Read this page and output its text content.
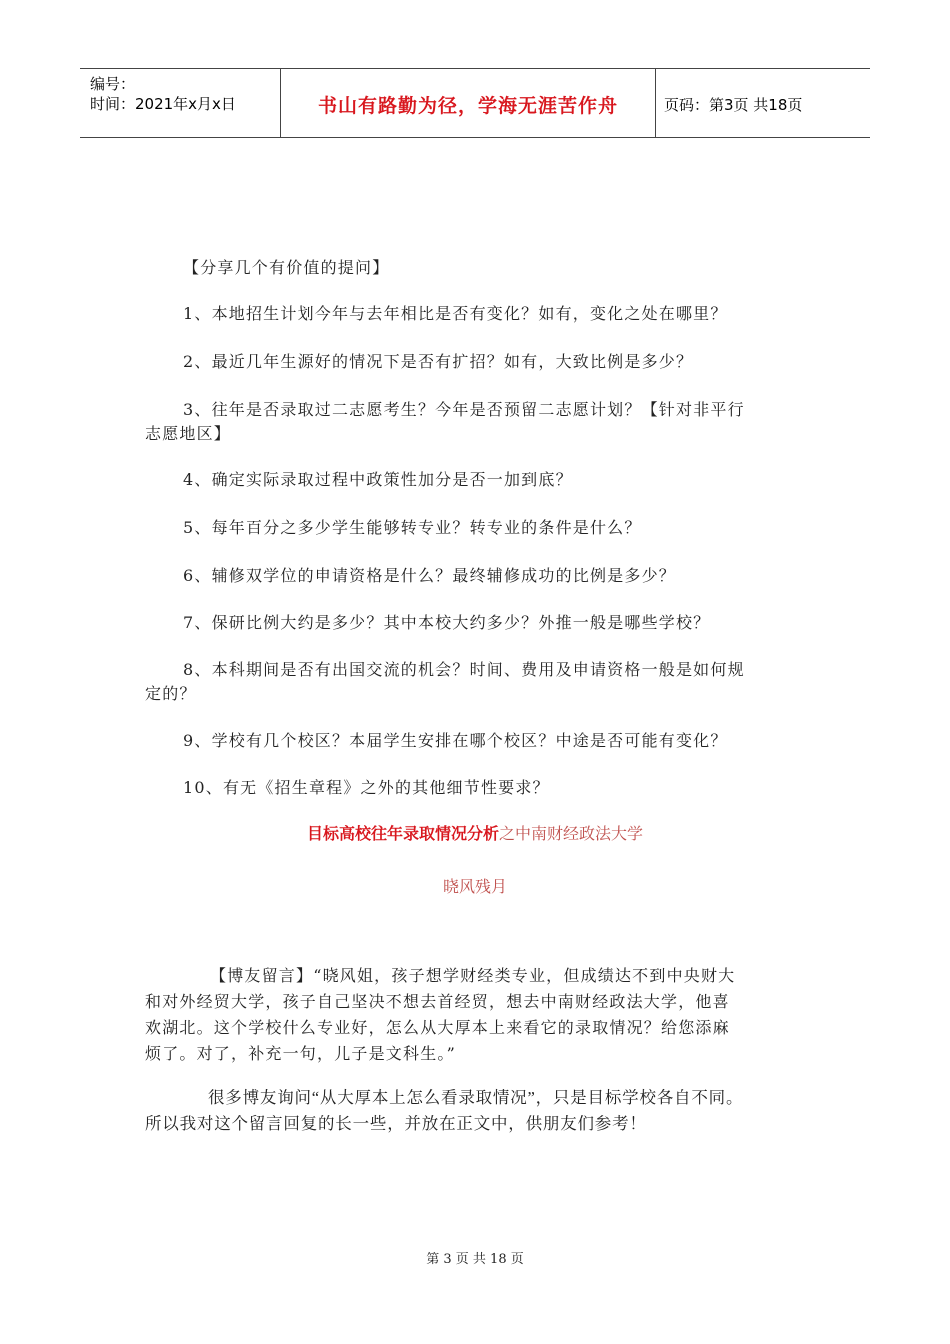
编号：
时间：2021年x月x日	书山有路勤为径，学海无涯苦作舟	页码：第3页 共18页
【分享几个有价值的提问】
1、本地招生计划今年与去年相比是否有变化？如有，变化之处在哪里？
2、最近几年生源好的情况下是否有扩招？如有，大致比例是多少？
3、往年是否录取过二志愿考生？今年是否预留二志愿计划？【针对非平行
志愿地区】
4、确定实际录取过程中政策性加分是否一加到底？
5、每年百分之多少学生能够转专业？转专业的条件是什么？
6、辅修双学位的申请资格是什么？最终辅修成功的比例是多少？
7、保研比例大约是多少？其中本校大约多少？外推一般是哪些学校？
8、本科期间是否有出国交流的机会？时间、费用及申请资格一般是如何规
定的？
9、学校有几个校区？本届学生安排在哪个校区？中途是否可能有变化？
10、有无《招生章程》之外的其他细节性要求？
目标高校往年录取情况分析之中南财经政法大学
晓风残月
【博友留言】“晓风姐，孩子想学财经类专业，但成绩达不到中央财大
和对外经贸大学，孩子自己坚决不想去首经贸，想去中南财经政法大学，他喜
欢湖北。这个学校什么专业好，怎么从大厚本上来看它的录取情况？给您添麻
烦了。对了，补充一句，儿子是文科生。”
很多博友询问“从大厚本上怎么看录取情况”，只是目标学校各自不同。
所以我对这个留言回复的长一些，并放在正文中，供朋友们参考！
第 3 页 共 18 页
